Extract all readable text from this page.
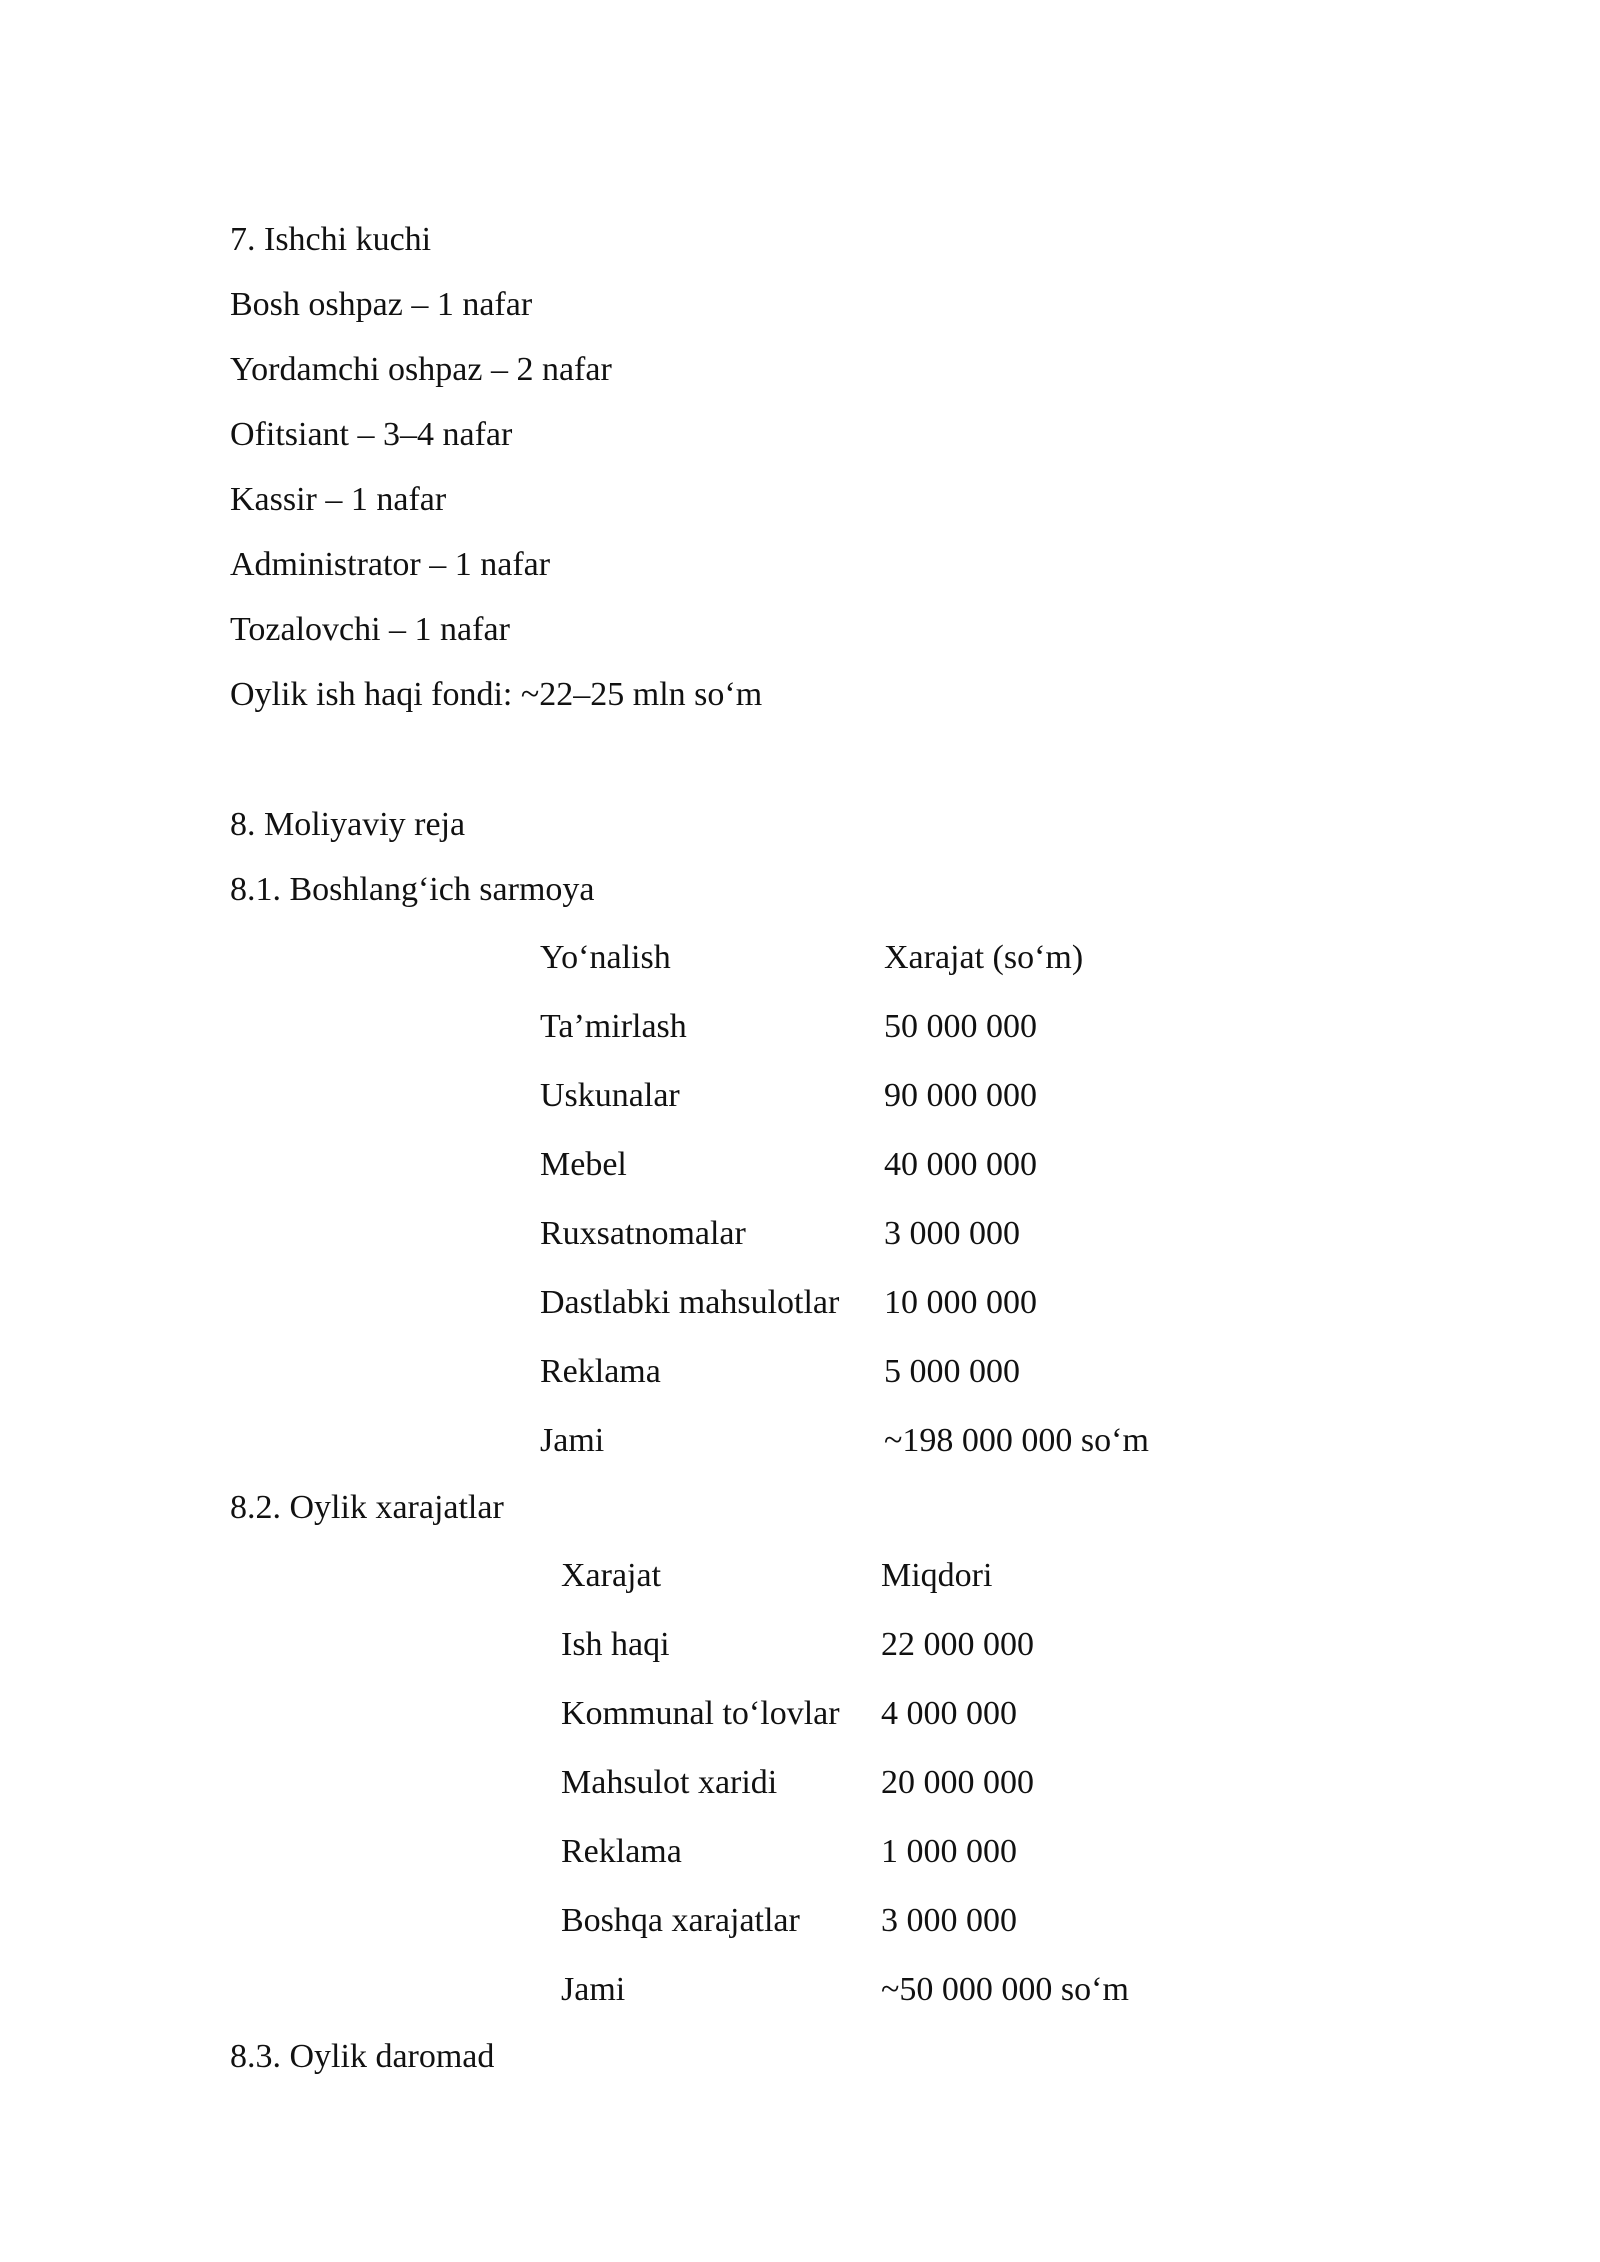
7. Ishchi kuchi
Bosh oshpaz – 1 nafar
Yordamchi oshpaz – 2 nafar
Ofitsiant – 3–4 nafar
Kassir – 1 nafar
Administrator – 1 nafar
Tozalovchi – 1 nafar
Oylik ish haqi fondi: ~22–25 mln so‘m
8. Moliyaviy reja
8.1. Boshlang‘ich sarmoya
Yo‘nalish	Xarajat (so‘m)
Ta’mirlash	50 000 000
Uskunalar	90 000 000
Mebel	40 000 000
Ruxsatnomalar	3 000 000
Dastlabki mahsulotlar 10 000 000
Reklama	5 000 000
Jami	~198 000 000 so‘m
8.2. Oylik xarajatlar
Xarajat	Miqdori
Ish haqi	22 000 000
Kommunal to‘lovlar 4 000 000
Mahsulot xaridi	20 000 000
Reklama	1 000 000
Boshqa xarajatlar 3 000 000
Jami	~50 000 000 so‘m
8.3. Oylik daromad
